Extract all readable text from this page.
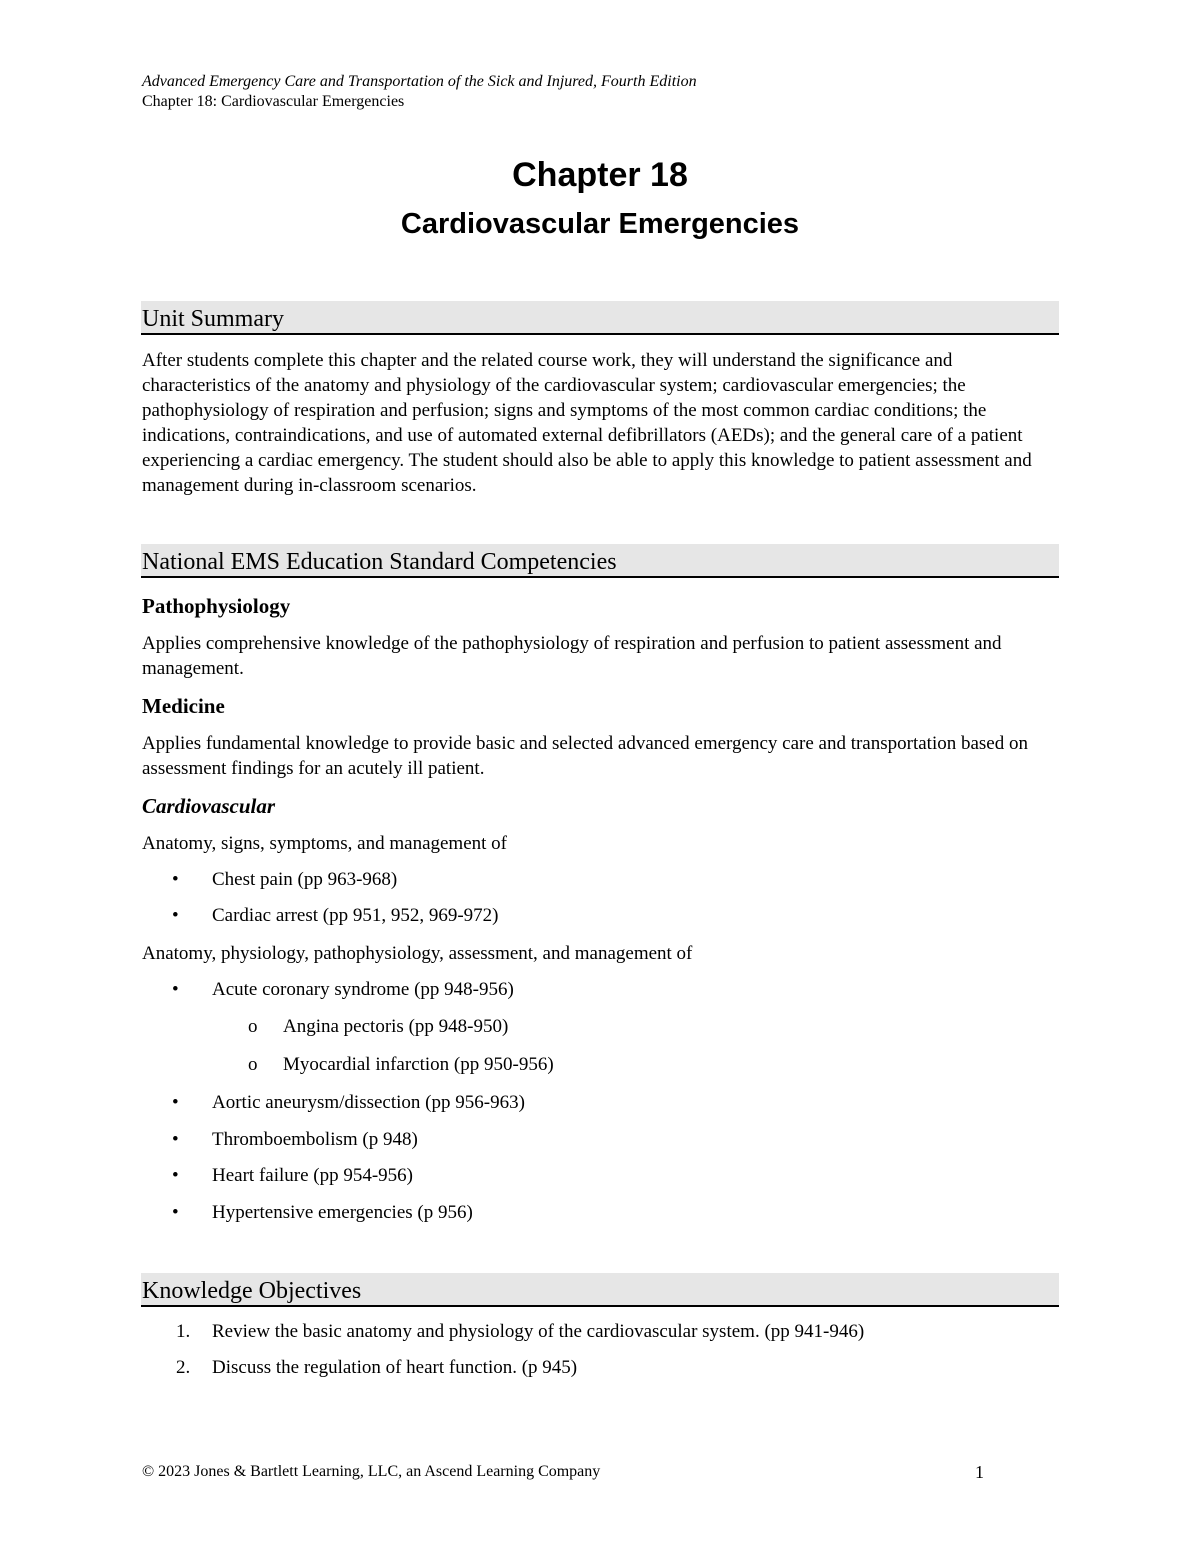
Advanced Emergency Care and Transportation of the Sick and Injured, Fourth Edition
Chapter 18: Cardiovascular Emergencies
Chapter 18
Cardiovascular Emergencies
Unit Summary
After students complete this chapter and the related course work, they will understand the significance and characteristics of the anatomy and physiology of the cardiovascular system; cardiovascular emergencies; the pathophysiology of respiration and perfusion; signs and symptoms of the most common cardiac conditions; the indications, contraindications, and use of automated external defibrillators (AEDs); and the general care of a patient experiencing a cardiac emergency. The student should also be able to apply this knowledge to patient assessment and management during in-classroom scenarios.
National EMS Education Standard Competencies
Pathophysiology
Applies comprehensive knowledge of the pathophysiology of respiration and perfusion to patient assessment and management.
Medicine
Applies fundamental knowledge to provide basic and selected advanced emergency care and transportation based on assessment findings for an acutely ill patient.
Cardiovascular
Anatomy, signs, symptoms, and management of
• Chest pain (pp 963-968)
• Cardiac arrest (pp 951, 952, 969-972)
Anatomy, physiology, pathophysiology, assessment, and management of
• Acute coronary syndrome (pp 948-956)
o Angina pectoris (pp 948-950)
o Myocardial infarction (pp 950-956)
• Aortic aneurysm/dissection (pp 956-963)
• Thromboembolism (p 948)
• Heart failure (pp 954-956)
• Hypertensive emergencies (p 956)
Knowledge Objectives
1. Review the basic anatomy and physiology of the cardiovascular system. (pp 941-946)
2. Discuss the regulation of heart function. (p 945)
© 2023 Jones & Bartlett Learning, LLC, an Ascend Learning Company	1
